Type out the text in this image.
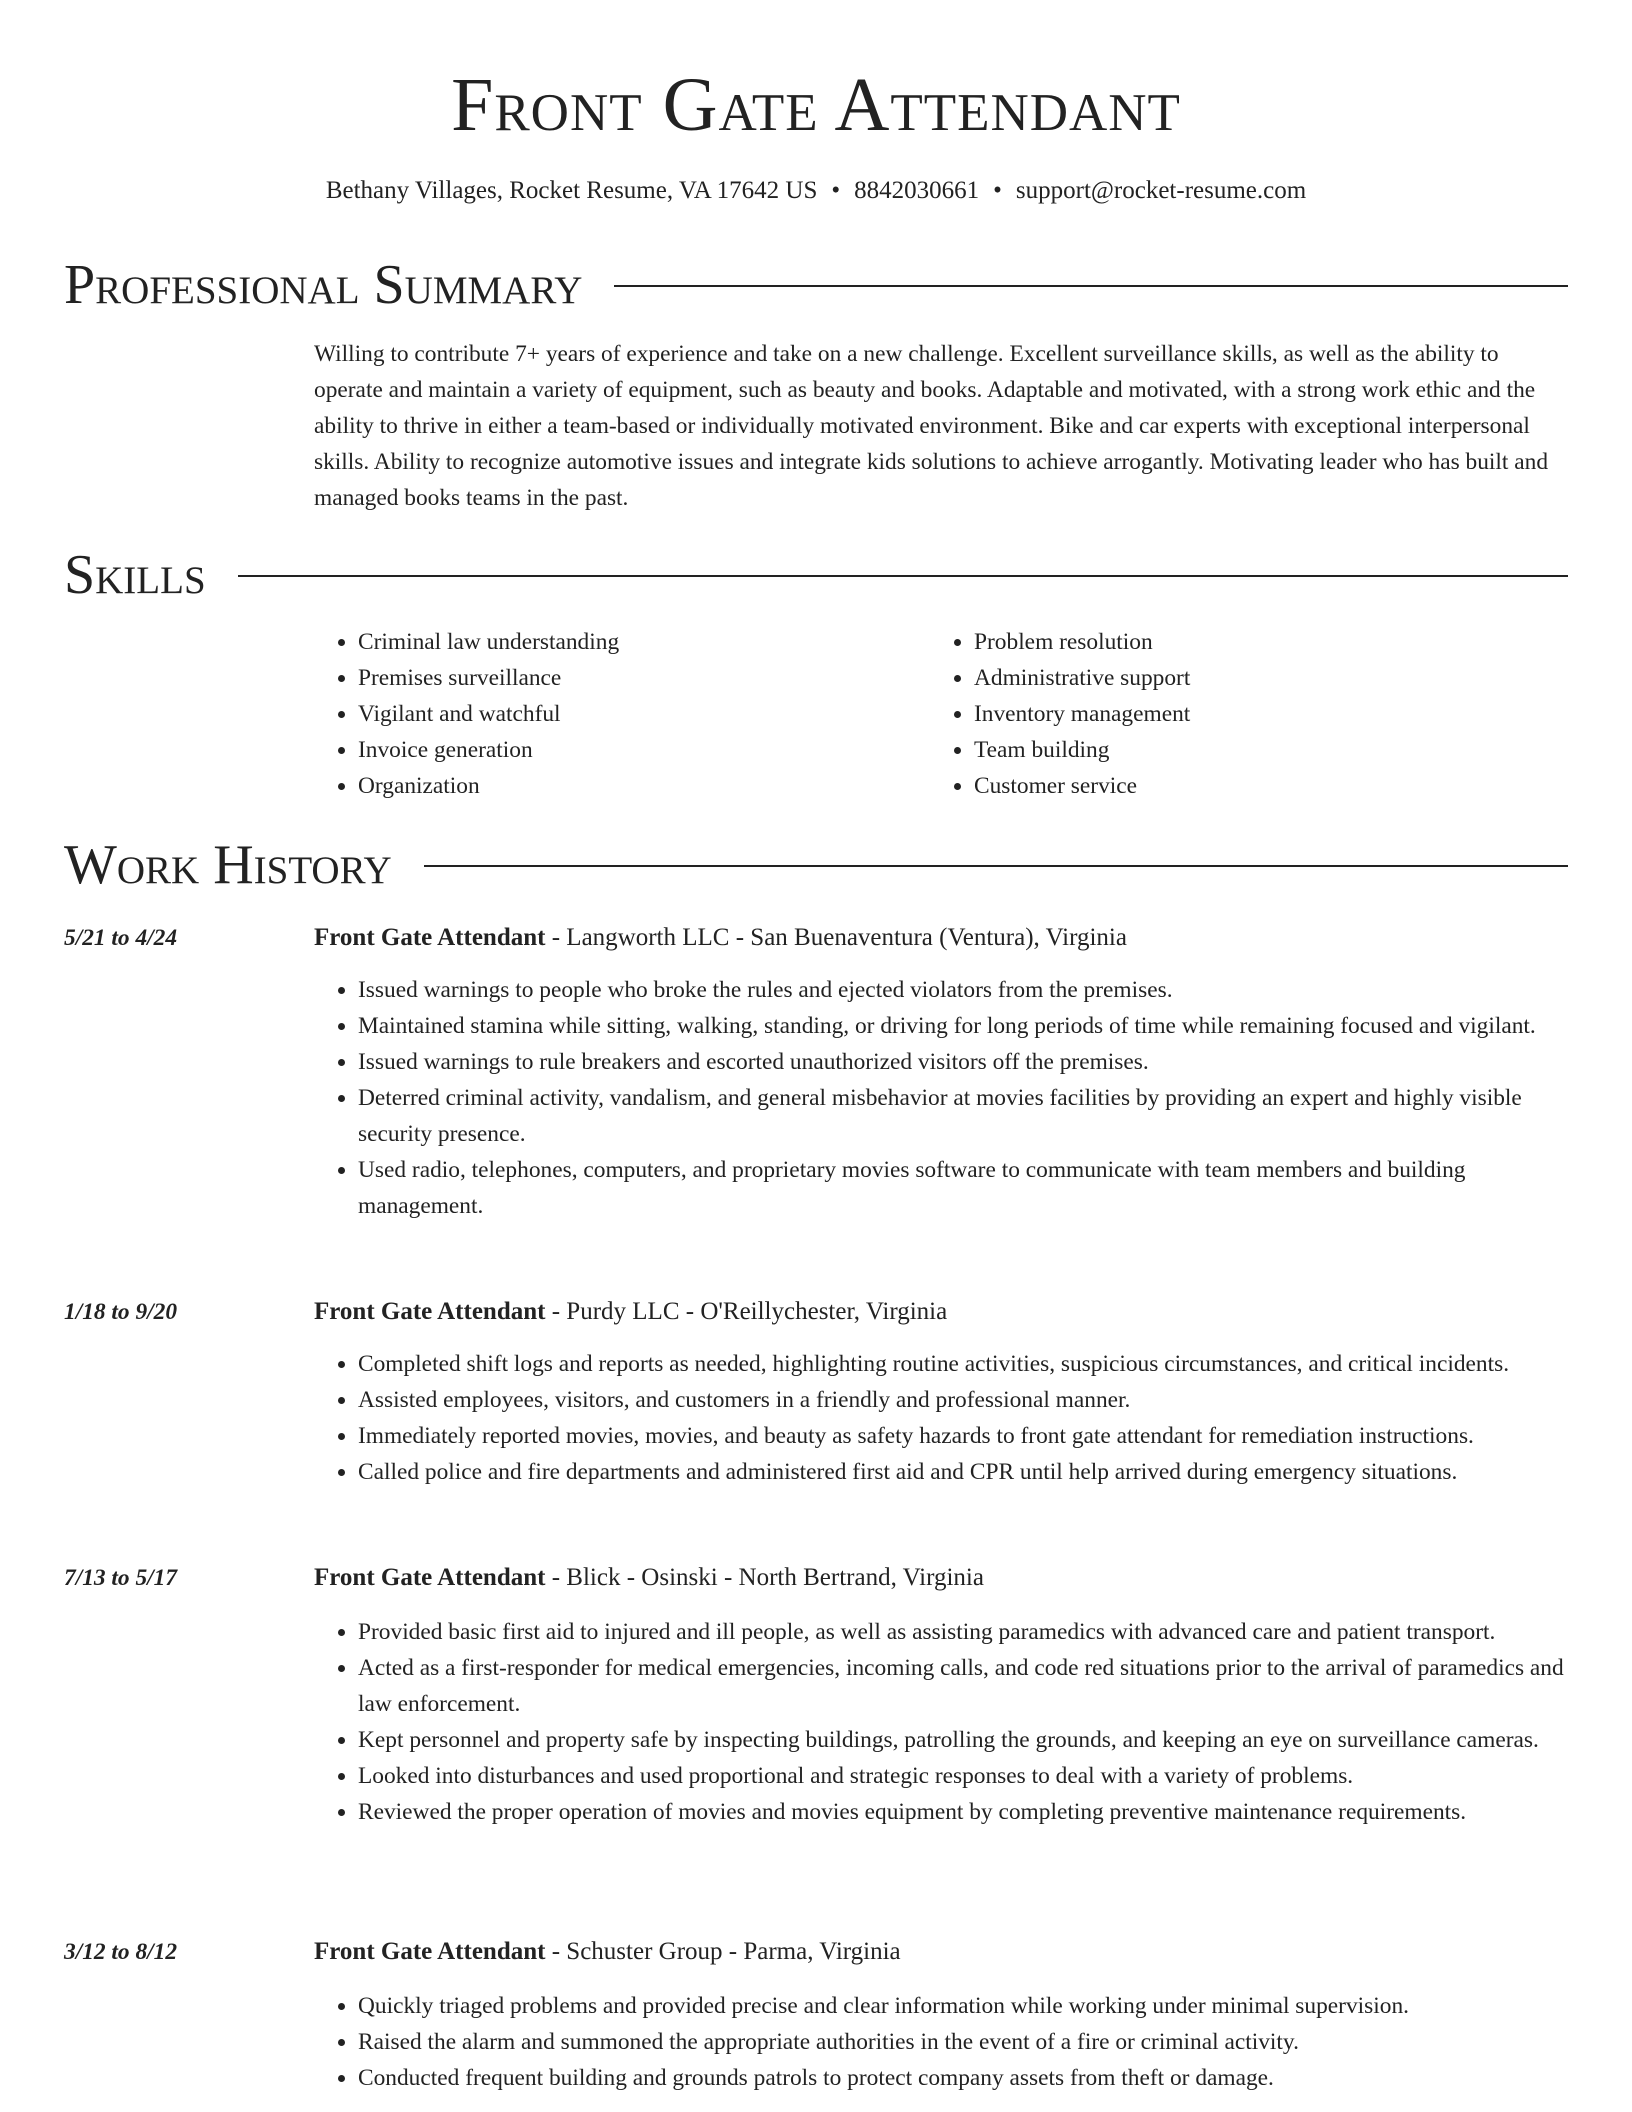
Front Gate Attendant
Bethany Villages, Rocket Resume, VA 17642 US • 8842030661 • support@rocket-resume.com
Professional Summary

Willing to contribute 7+ years of experience and take on a new challenge. Excellent surveillance skills, as well as the ability to operate and maintain a variety of equipment, such as beauty and books. Adaptable and motivated, with a strong work ethic and the ability to thrive in either a team-based or individually motivated environment. Bike and car experts with exceptional interpersonal skills. Ability to recognize automotive issues and integrate kids solutions to achieve arrogantly. Motivating leader who has built and managed books teams in the past.

Skills
• Criminal law understanding
• Premises surveillance
• Vigilant and watchful
• Invoice generation
• Organization
• Problem resolution
• Administrative support
• Inventory management
• Team building
• Customer service
Work History
5/21 to 4/24	Front Gate Attendant - Langworth LLC - San Buenaventura (Ventura), Virginia
• Issued warnings to people who broke the rules and ejected violators from the premises.
• Maintained stamina while sitting, walking, standing, or driving for long periods of time while remaining focused and vigilant.
• Issued warnings to rule breakers and escorted unauthorized visitors off the premises.
• Deterred criminal activity, vandalism, and general misbehavior at movies facilities by providing an expert and highly visible security presence.
• Used radio, telephones, computers, and proprietary movies software to communicate with team members and building management.
1/18 to 9/20	Front Gate Attendant - Purdy LLC - O'Reillychester, Virginia
• Completed shift logs and reports as needed, highlighting routine activities, suspicious circumstances, and critical incidents.
• Assisted employees, visitors, and customers in a friendly and professional manner.
• Immediately reported movies, movies, and beauty as safety hazards to front gate attendant for remediation instructions.
• Called police and fire departments and administered first aid and CPR until help arrived during emergency situations.
7/13 to 5/17	Front Gate Attendant - Blick - Osinski - North Bertrand, Virginia
• Provided basic first aid to injured and ill people, as well as assisting paramedics with advanced care and patient transport.
• Acted as a first-responder for medical emergencies, incoming calls, and code red situations prior to the arrival of paramedics and law enforcement.
• Kept personnel and property safe by inspecting buildings, patrolling the grounds, and keeping an eye on surveillance cameras.
• Looked into disturbances and used proportional and strategic responses to deal with a variety of problems.
• Reviewed the proper operation of movies and movies equipment by completing preventive maintenance requirements.
3/12 to 8/12	Front Gate Attendant - Schuster Group - Parma, Virginia
• Quickly triaged problems and provided precise and clear information while working under minimal supervision.
• Raised the alarm and summoned the appropriate authorities in the event of a fire or criminal activity.
• Conducted frequent building and grounds patrols to protect company assets from theft or damage.
